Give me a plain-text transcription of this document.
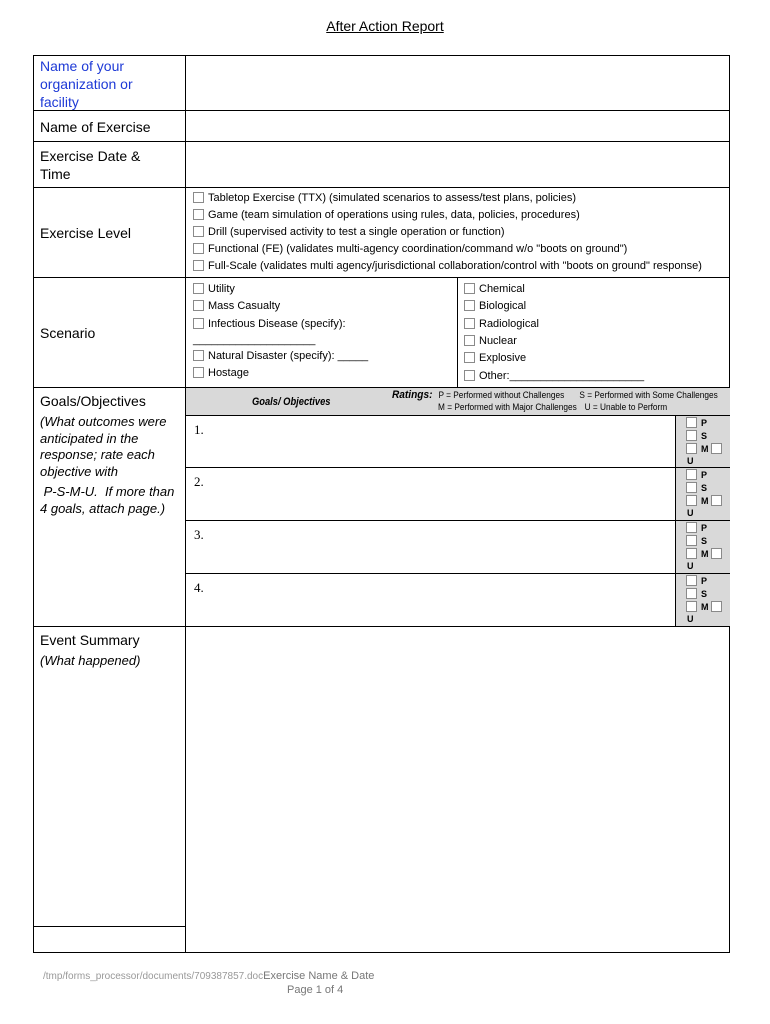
After Action Report
Name of your organization or facility
Name of Exercise
Exercise Date & Time
Exercise Level
Scenario
Goals/Objectives
(What outcomes were anticipated in the response; rate each objective with
P-S-M-U.  If more than 4 goals, attach page.)
Event Summary
(What happened)
Tabletop Exercise (TTX) (simulated scenarios to assess/test plans, policies)
Game (team simulation of operations using rules, data, policies, procedures)
Drill (supervised activity to test a single operation or function)
Functional (FE) (validates multi-agency coordination/command w/o "boots on ground")
Full-Scale (validates multi agency/jurisdictional collaboration/control with "boots on ground" response)
Utility
Mass Casualty
Infectious Disease (specify):
____________________
Natural Disaster (specify): _____
Hostage
Chemical
Biological
Radiological
Nuclear
Explosive
Other:______________________
Goals/ Objectives
Ratings: P = Performed without Challenges S = Performed with Some Challenges
M = Performed with Major Challenges U = Unable to Perform
1.
2.
3.
4.
P
S
M
U
P
S
M
U
P
S
M
U
P
S
M
U
/tmp/forms_processor/documents/709387857.docExercise Name & Date
Page 1 of 4
